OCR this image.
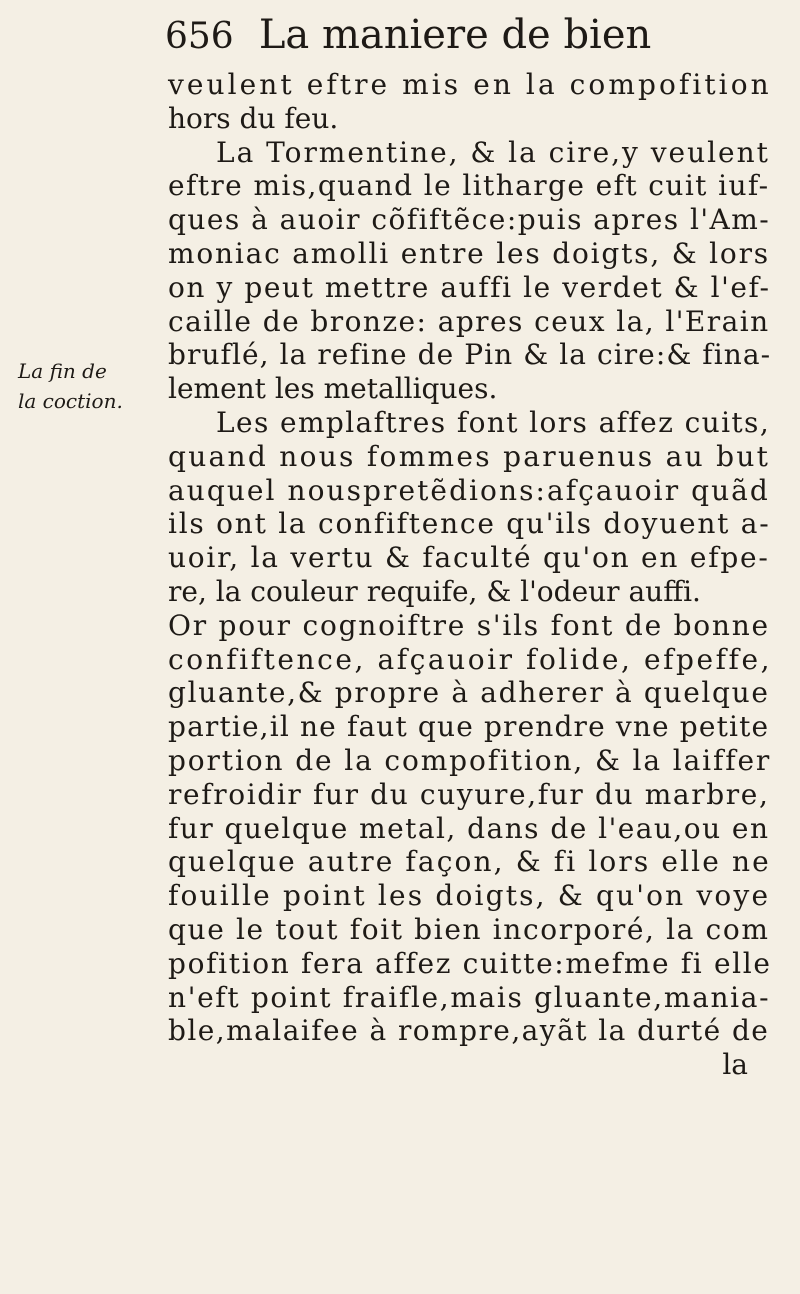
656 La maniere de bien
La fin de
la coction.
veulent eftre mis en la compofition
hors du feu.
La Tormentine, & la cire,y veulent
eftre mis,quand le litharge eft cuit iuf-
ques à auoir cõfiftẽce:puis apres l'Am-
moniac amolli entre les doigts, & lors
on y peut mettre auffi le verdet & l'ef-
caille de bronze: apres ceux la, l'Erain
bruflé, la refine de Pin & la cire:& fina-
lement les metalliques.
Les emplaftres font lors affez cuits,
quand nous fommes paruenus au but
auquel nouspretẽdions:afçauoir quãd
ils ont la confiftence qu'ils doyuent a-
uoir, la vertu & faculté qu'on en efpe-
re, la couleur requife, & l'odeur auffi.
Or pour cognoiftre s'ils font de bonne
confiftence, afçauoir folide, efpeffe,
gluante,& propre à adherer à quelque
partie,il ne faut que prendre vne petite
portion de la compofition, & la laiffer
refroidir fur du cuyure,fur du marbre,
fur quelque metal, dans de l'eau,ou en
quelque autre façon, & fi lors elle ne
fouille point les doigts, & qu'on voye
que le tout foit bien incorporé, la com
pofition fera affez cuitte:mefme fi elle
n'eft point fraifle,mais gluante,mania-
ble,malaifee à rompre,ayãt la durté de
la
